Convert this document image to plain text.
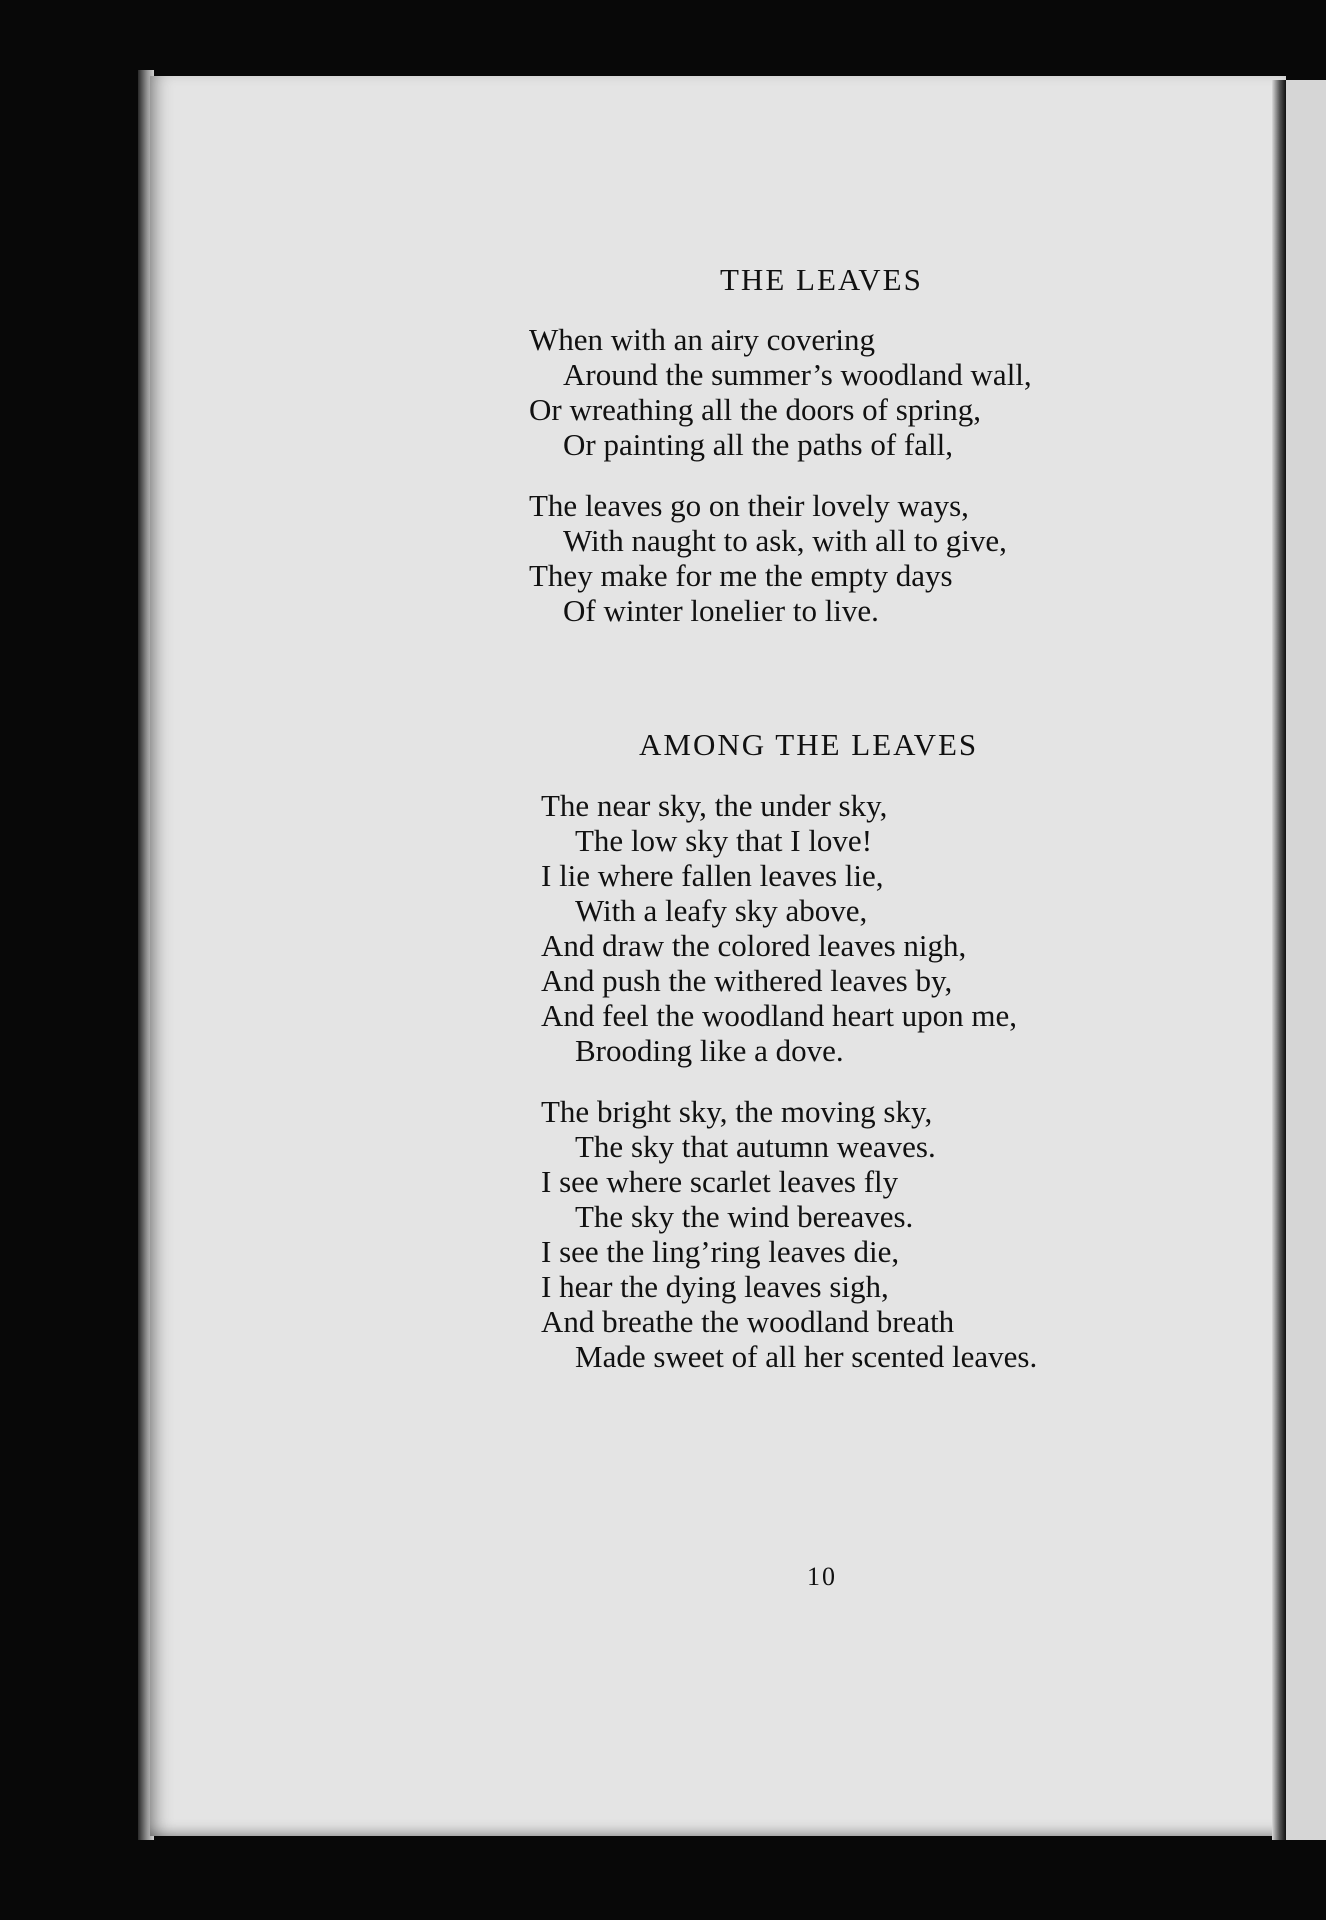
THE LEAVES
When with an airy covering
Around the summer’s woodland wall,
Or wreathing all the doors of spring,
Or painting all the paths of fall,
The leaves go on their lovely ways,
With naught to ask, with all to give,
They make for me the empty days
Of winter lonelier to live.
AMONG THE LEAVES
The near sky, the under sky,
The low sky that I love!
I lie where fallen leaves lie,
With a leafy sky above,
And draw the colored leaves nigh,
And push the withered leaves by,
And feel the woodland heart upon me,
Brooding like a dove.
The bright sky, the moving sky,
The sky that autumn weaves.
I see where scarlet leaves fly
The sky the wind bereaves.
I see the ling’ring leaves die,
I hear the dying leaves sigh,
And breathe the woodland breath
Made sweet of all her scented leaves.
10
